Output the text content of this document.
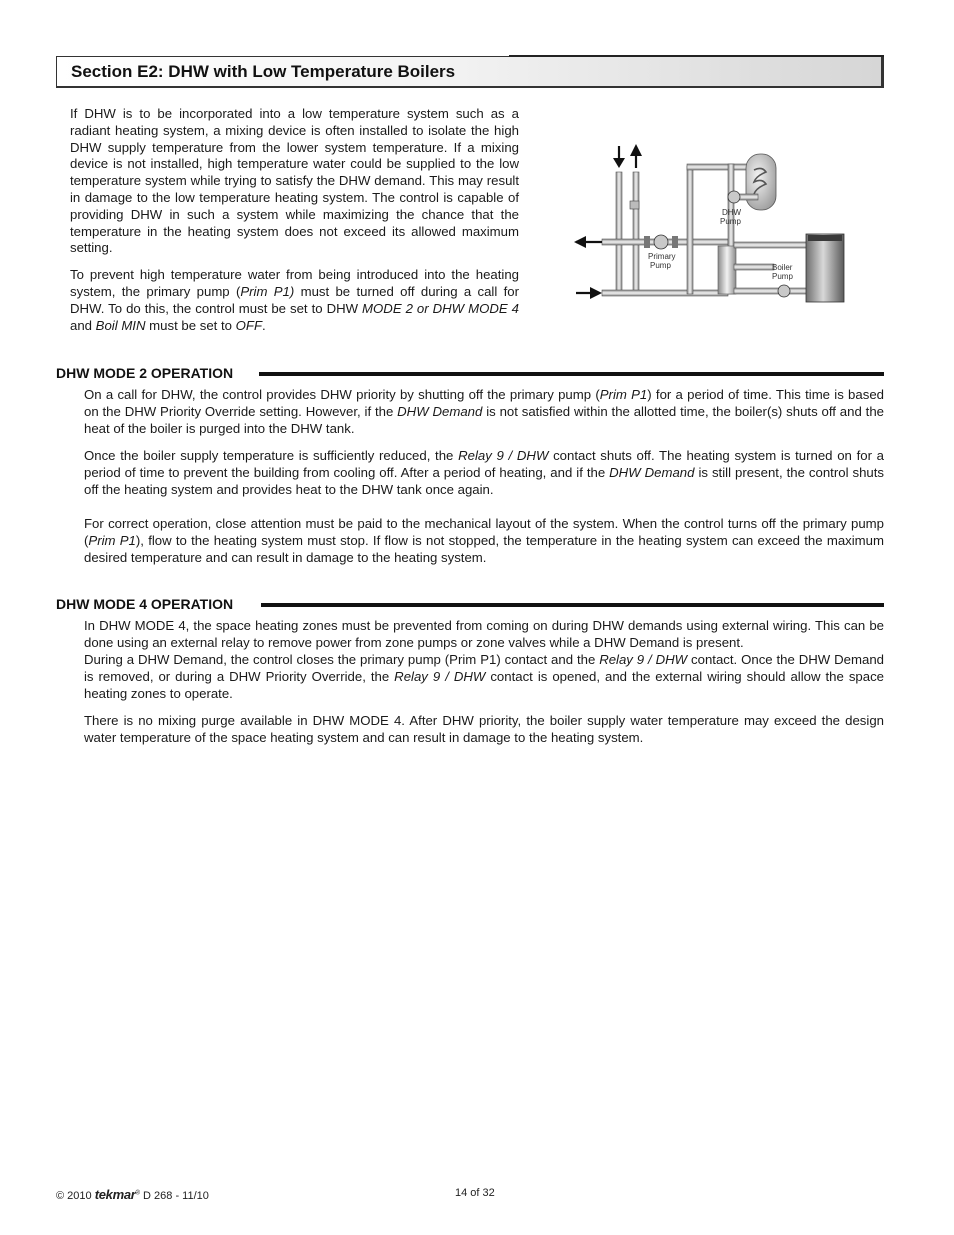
Section E2: DHW with Low Temperature Boilers

If DHW is to be incorporated into a low temperature system such as a radiant heating system, a mixing device is often installed to isolate the high DHW supply temperature from the lower system temperature. If a mixing device is not installed, high temperature water could be supplied to the low temperature system while trying to satisfy the DHW demand. This may result in damage to the low temperature heating system. The control is capable of providing DHW in such a system while maximizing the chance that the temperature in the heating system does not exceed its allowed maximum setting.

To prevent high temperature water from being introduced into the heating system, the primary pump (Prim P1) must be turned off during a call for DHW. To do this, the control must be set to DHW MODE 2 or DHW MODE 4 and Boil MIN must be set to OFF.

Primary
Pump
DHW
Pump
Boiler
Pump
DHW MODE 2 OPERATION

On a call for DHW, the control provides DHW priority by shutting off the primary pump (Prim P1) for a period of time. This time is based on the DHW Priority Override setting. However, if the DHW Demand is not satisfied within the allotted time, the boiler(s) shuts off and the heat of the boiler is purged into the DHW tank.

Once the boiler supply temperature is sufficiently reduced, the Relay 9 / DHW contact shuts off. The heating system is turned on for a period of time to prevent the building from cooling off. After a period of heating, and if the DHW Demand is still present, the control shuts off the heating system and provides heat to the DHW tank once again.

For correct operation, close attention must be paid to the mechanical layout of the system. When the control turns off the primary pump (Prim P1), flow to the heating system must stop. If flow is not stopped, the temperature in the heating system can exceed the maximum desired temperature and can result in damage to the heating system.

DHW MODE 4 OPERATION

In DHW MODE 4, the space heating zones must be prevented from coming on during DHW demands using external wiring. This can be done using an external relay to remove power from zone pumps or zone valves while a DHW Demand is present.

During a DHW Demand, the control closes the primary pump (Prim P1) contact and the Relay 9 / DHW contact. Once the DHW Demand is removed, or during a DHW Priority Override, the Relay 9 / DHW contact is opened, and the external wiring should allow the space heating zones to operate.

There is no mixing purge available in DHW MODE 4. After DHW priority, the boiler supply water temperature may exceed the design water temperature of the space heating system and can result in damage to the heating system.

© 2010 tekmar® D 268 - 11/10	14 of 32
